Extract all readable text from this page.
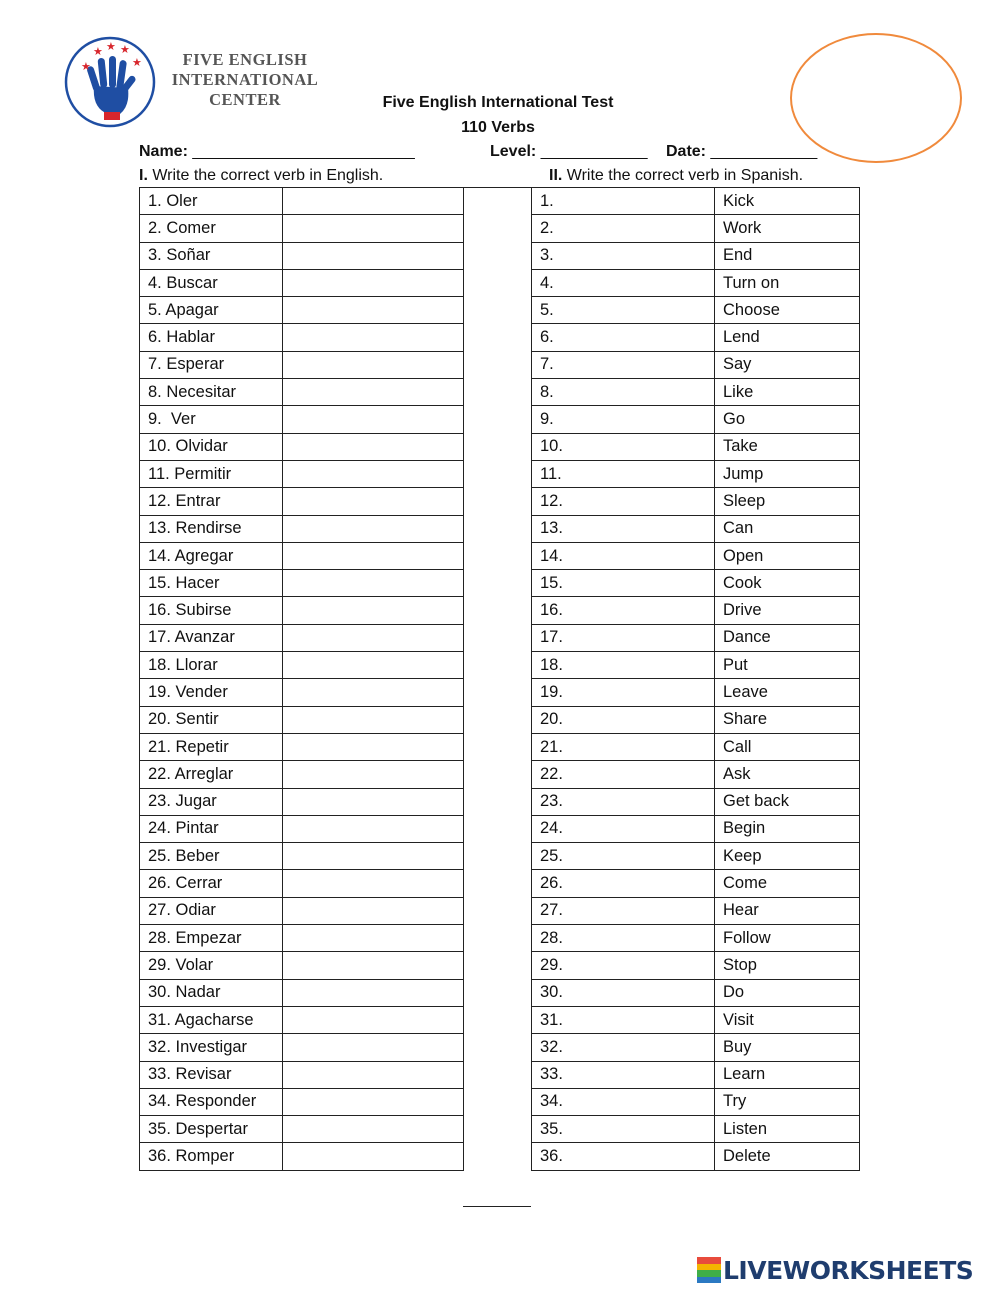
★
★ ★ ★
★	FIVE ENGLISH
INTERNATIONAL
CENTER	Five English International Test
110 Verbs
Name: _________________________	Level: ____________ Date: ____________
I. Write the correct verb in English.	II. Write the correct verb in Spanish.
1. Oler	
2. Comer	
3. Soñar	
4. Buscar	
5. Apagar	
6. Hablar	
7. Esperar	
8. Necesitar	
9.  Ver	
10. Olvidar	
11. Permitir	
12. Entrar	
13. Rendirse	
14. Agregar	
15. Hacer	
16. Subirse	
17. Avanzar	
18. Llorar	
19. Vender	
20. Sentir	
21. Repetir	
22. Arreglar	
23. Jugar	
24. Pintar	
25. Beber	
26. Cerrar	
27. Odiar	
28. Empezar	
29. Volar	
30. Nadar	
31. Agacharse	
32. Investigar	
33. Revisar	
34. Responder	
35. Despertar	
36. Romper	
1.	Kick
2.	Work
3.	End
4.	Turn on
5.	Choose
6.	Lend
7.	Say
8.	Like
9.	Go
10.	Take
11.	Jump
12.	Sleep
13.	Can
14.	Open
15.	Cook
16.	Drive
17.	Dance
18.	Put
19.	Leave
20.	Share
21.	Call
22.	Ask
23.	Get back
24.	Begin
25.	Keep
26.	Come
27.	Hear
28.	Follow
29.	Stop
30.	Do
31.	Visit
32.	Buy
33.	Learn
34.	Try
35.	Listen
36.	Delete
LIVEWORKSHEETS
